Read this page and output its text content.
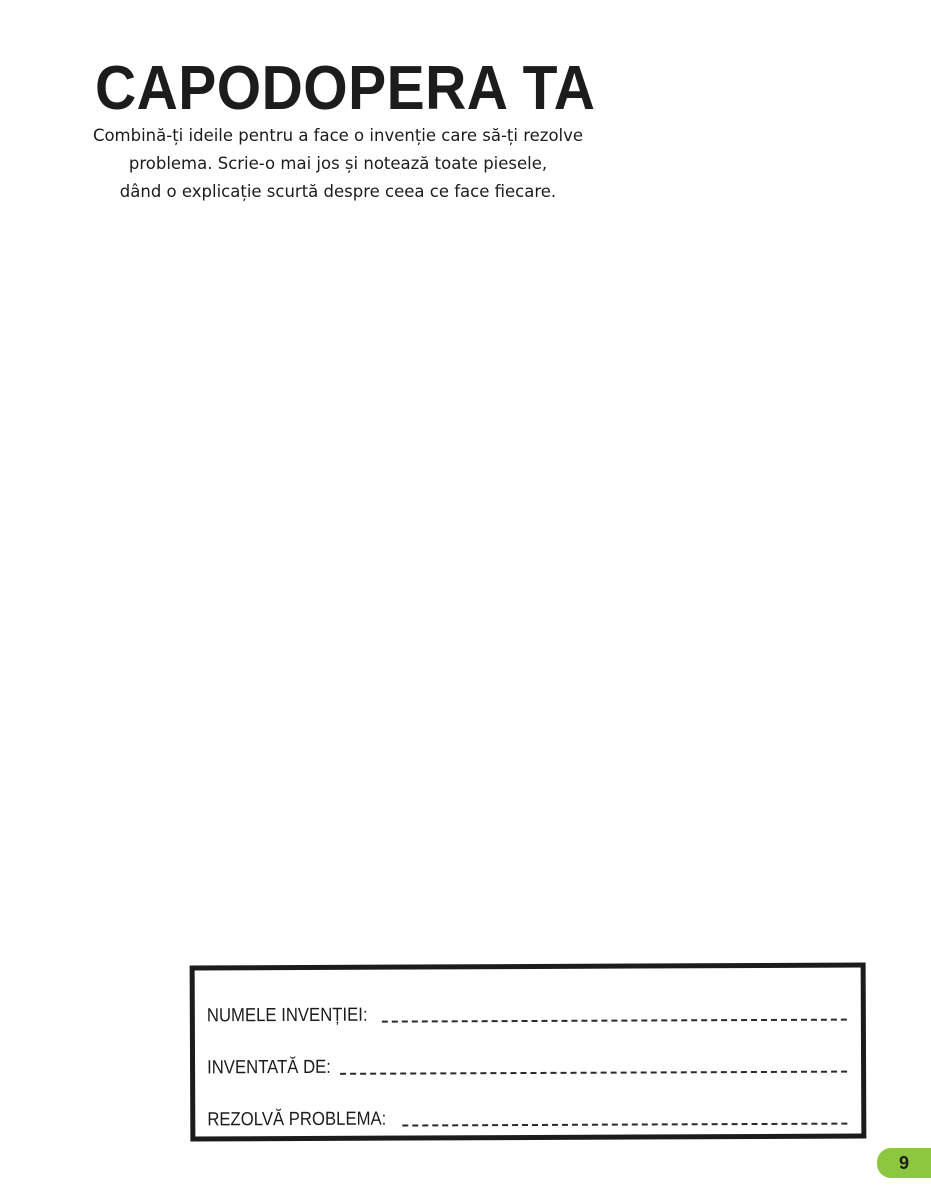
CAPODOPERA TA

Combină-ți ideile pentru a face o invenție care să-ți rezolve
problema. Scrie-o mai jos și notează toate piesele,
dând o explicație scurtă despre ceea ce face fiecare.

NUMELE INVENȚIEI:
INVENTATĂ DE:
REZOLVĂ PROBLEMA:
9
